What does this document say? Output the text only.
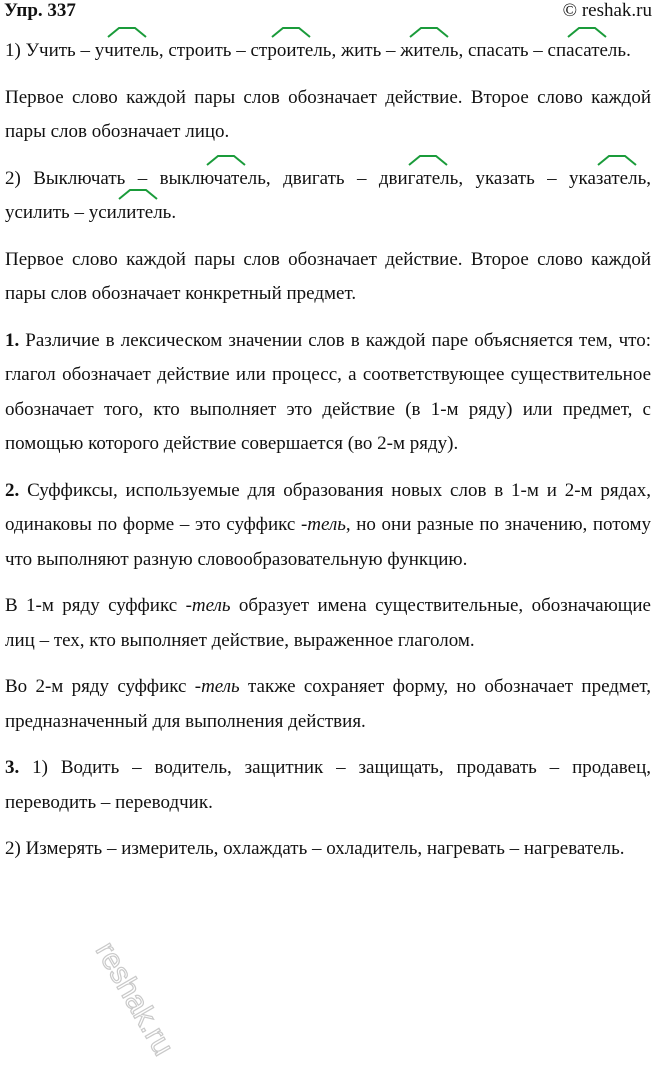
Упр. 337	© reshak.ru

1) Учить –
учитель, строить –
строитель, жить –
житель, спасать –
спасатель.

Первое слово каждой пары слов обозначает действие. Второе слово каждой пары слов обозначает лицо.

2) Выключать –
выключатель, двигать –
двигатель, указать –
указатель, усилить –
усилитель.

Первое слово каждой пары слов обозначает действие. Второе слово каждой пары слов обозначает конкретный предмет.

1. Различие в лексическом значении слов в каждой паре объясняется тем, что: глагол обозначает действие или процесс, а соответствующее существительное обозначает того, кто выполняет это действие (в 1-м ряду) или предмет, с помощью которого действие совершается (во 2-м ряду).

2. Суффиксы, используемые для образования новых слов в 1-м и 2-м рядах, одинаковы по форме – это суффикс -тель, но они разные по значению, потому что выполняют разную словообразовательную функцию.

В 1-м ряду суффикс -тель образует имена существительные, обозначающие лиц – тех, кто выполняет действие, выраженное глаголом.

Во 2-м ряду суффикс -тель также сохраняет форму, но обозначает предмет, предназначенный для выполнения действия.

3. 1) Водить – водитель, защитник – защищать, продавать – продавец, переводить – переводчик.

2) Измерять – измеритель, охлаждать – охладитель, нагревать – нагреватель.

reshak.ru
